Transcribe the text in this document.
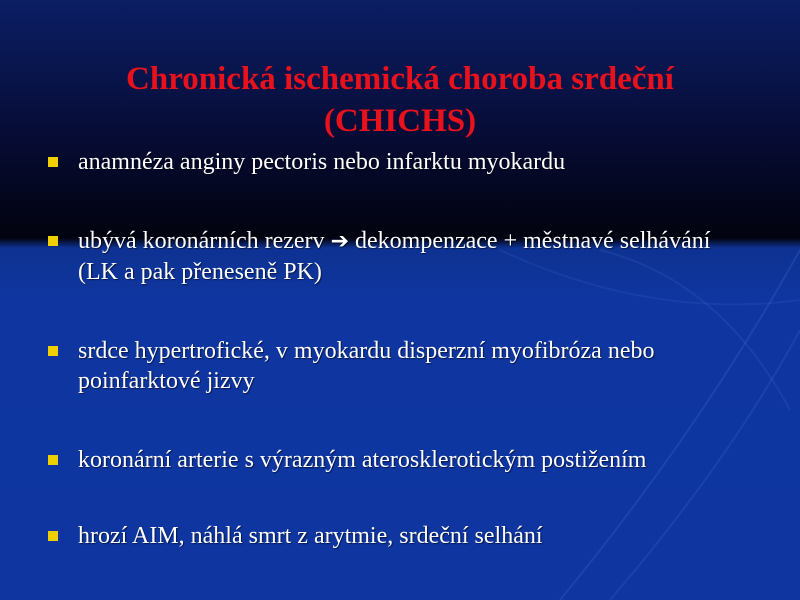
Chronická ischemická choroba srdeční
(CHICHS)
anamnéza anginy pectoris nebo infarktu myokardu
ubývá koronárních rezerv ➔ dekompenzace + městnavé selhávání (LK a pak přeneseně PK)
srdce hypertrofické, v myokardu disperzní myofibróza nebo poinfarktové jizvy
koronární arterie s výrazným aterosklerotickým postižením
hrozí AIM, náhlá smrt z arytmie, srdeční selhání
